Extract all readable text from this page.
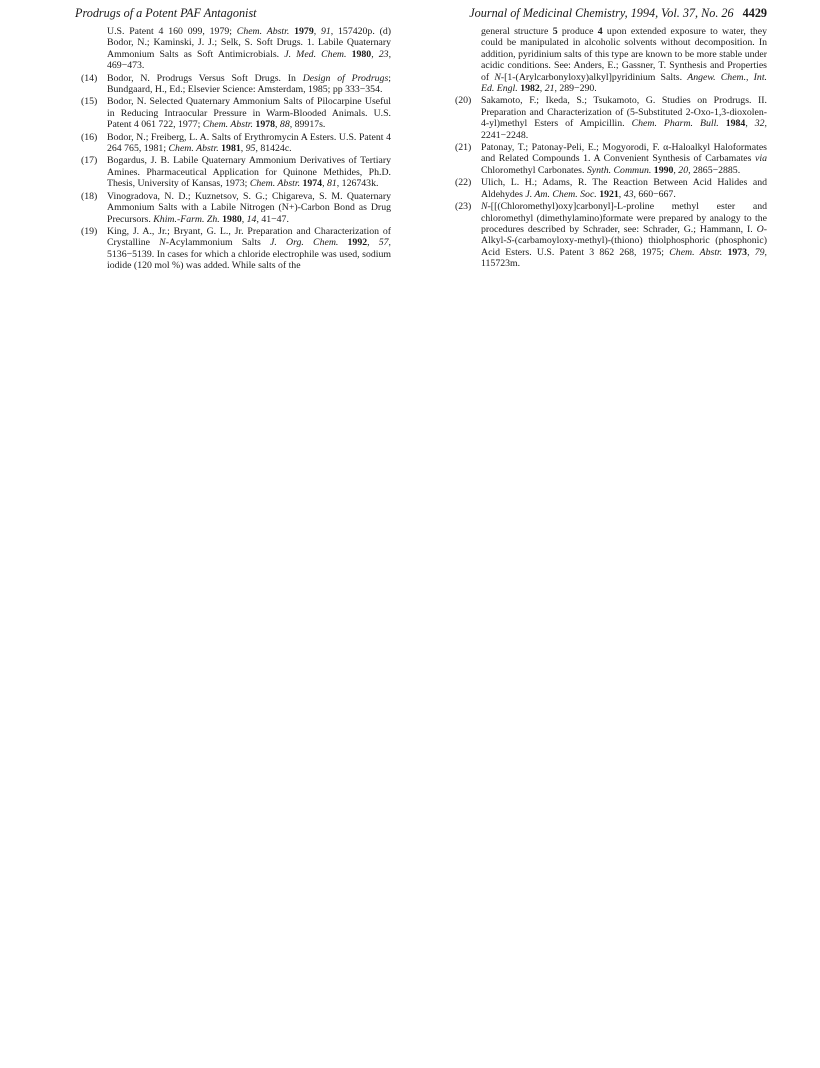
Prodrugs of a Potent PAF Antagonist	Journal of Medicinal Chemistry, 1994, Vol. 37, No. 26 4429

U.S. Patent 4 160 099, 1979; Chem. Abstr. 1979, 91, 157420p. (d) Bodor, N.; Kaminski, J. J.; Selk, S. Soft Drugs. 1. Labile Quaternary Ammonium Salts as Soft Antimicrobials. J. Med. Chem. 1980, 23, 469−473.

(14) Bodor, N. Prodrugs Versus Soft Drugs. In Design of Prodrugs; Bundgaard, H., Ed.; Elsevier Science: Amsterdam, 1985; pp 333−354.

(15) Bodor, N. Selected Quaternary Ammonium Salts of Pilocarpine Useful in Reducing Intraocular Pressure in Warm-Blooded Animals. U.S. Patent 4 061 722, 1977; Chem. Abstr. 1978, 88, 89917s.

(16) Bodor, N.; Freiberg, L. A. Salts of Erythromycin A Esters. U.S. Patent 4 264 765, 1981; Chem. Abstr. 1981, 95, 81424c.

(17) Bogardus, J. B. Labile Quaternary Ammonium Derivatives of Tertiary Amines. Pharmaceutical Application for Quinone Methides, Ph.D. Thesis, University of Kansas, 1973; Chem. Abstr. 1974, 81, 126743k.

(18) Vinogradova, N. D.; Kuznetsov, S. G.; Chigareva, S. M. Quaternary Ammonium Salts with a Labile Nitrogen (N+)-Carbon Bond as Drug Precursors. Khim.-Farm. Zh. 1980, 14, 41−47.

(19) King, J. A., Jr.; Bryant, G. L., Jr. Preparation and Characterization of Crystalline N-Acylammonium Salts J. Org. Chem. 1992, 57, 5136−5139. In cases for which a chloride electrophile was used, sodium iodide (120 mol %) was added. While salts of the

general structure 5 produce 4 upon extended exposure to water, they could be manipulated in alcoholic solvents without decomposition. In addition, pyridinium salts of this type are known to be more stable under acidic conditions. See: Anders, E.; Gassner, T. Synthesis and Properties of N-[1-(Arylcarbonyloxy)alkyl]pyridinium Salts. Angew. Chem., Int. Ed. Engl. 1982, 21, 289−290.

(20) Sakamoto, F.; Ikeda, S.; Tsukamoto, G. Studies on Prodrugs. II. Preparation and Characterization of (5-Substituted 2-Oxo-1,3-dioxolen-4-yl)methyl Esters of Ampicillin. Chem. Pharm. Bull. 1984, 32, 2241−2248.

(21) Patonay, T.; Patonay-Peli, E.; Mogyorodi, F. α-Haloalkyl Haloformates and Related Compounds 1. A Convenient Synthesis of Carbamates via Chloromethyl Carbonates. Synth. Commun. 1990, 20, 2865−2885.

(22) Ulich, L. H.; Adams, R. The Reaction Between Acid Halides and Aldehydes J. Am. Chem. Soc. 1921, 43, 660−667.

(23) N-[[(Chloromethyl)oxy]carbonyl]-L-proline methyl ester and chloromethyl (dimethylamino)formate were prepared by analogy to the procedures described by Schrader, see: Schrader, G.; Hammann, I. O-Alkyl-S-(carbamoyloxy-methyl)-(thiono) thiolphosphoric (phosphonic) Acid Esters. U.S. Patent 3 862 268, 1975; Chem. Abstr. 1973, 79, 115723m.
